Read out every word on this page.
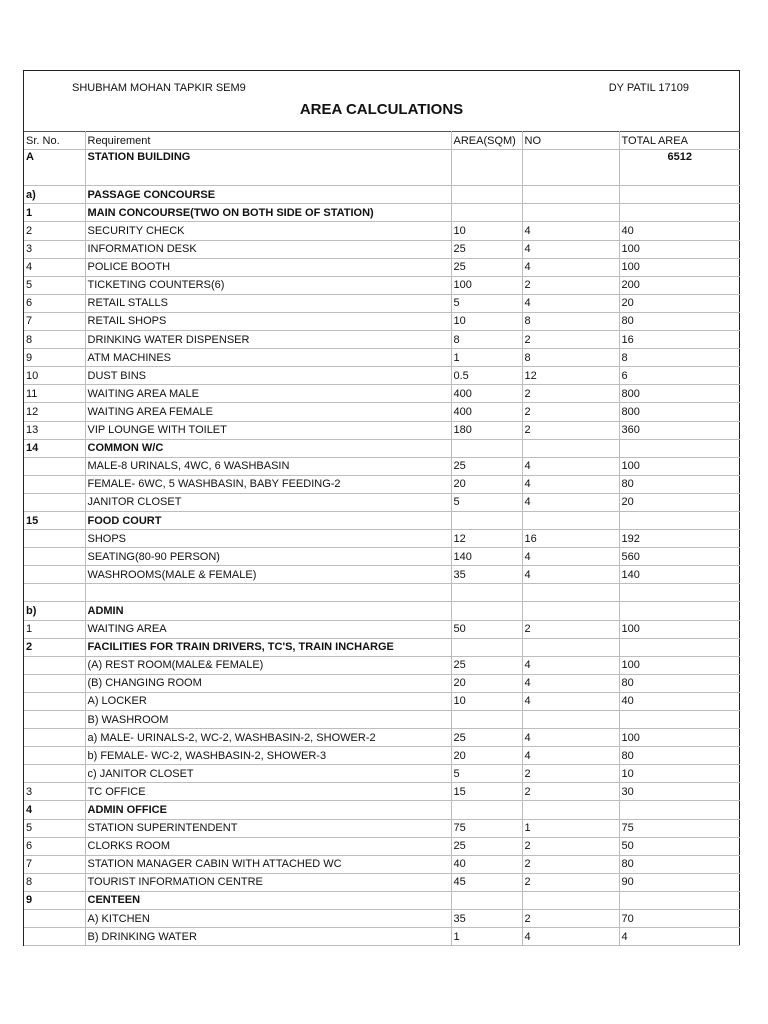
SHUBHAM MOHAN TAPKIR SEM9	DY PATIL 17109
AREA CALCULATIONS
Sr. No.	Requirement	AREA(SQM)	NO	TOTAL AREA
A	STATION BUILDING			6512
a)	PASSAGE CONCOURSE			
1	MAIN CONCOURSE(TWO ON BOTH SIDE OF STATION)			
2	SECURITY CHECK	10	4	40
3	INFORMATION DESK	25	4	100
4	POLICE BOOTH	25	4	100
5	TICKETING COUNTERS(6)	100	2	200
6	RETAIL STALLS	5	4	20
7	RETAIL SHOPS	10	8	80
8	DRINKING WATER DISPENSER	8	2	16
9	ATM MACHINES	1	8	8
10	DUST BINS	0.5	12	6
11	WAITING AREA MALE	400	2	800
12	WAITING AREA FEMALE	400	2	800
13	VIP LOUNGE WITH TOILET	180	2	360
14	COMMON W/C			
	MALE-8 URINALS, 4WC, 6 WASHBASIN	25	4	100
	FEMALE- 6WC, 5 WASHBASIN, BABY FEEDING-2	20	4	80
	JANITOR CLOSET	5	4	20
15	FOOD COURT			
	SHOPS	12	16	192
	SEATING(80-90 PERSON)	140	4	560
	WASHROOMS(MALE & FEMALE)	35	4	140

b)	ADMIN			
1	WAITING AREA	50	2	100
2	FACILITIES FOR TRAIN DRIVERS, TC'S, TRAIN INCHARGE			
	(A) REST ROOM(MALE& FEMALE)	25	4	100
	(B) CHANGING ROOM	20	4	80
	A) LOCKER	10	4	40
	B) WASHROOM			
	a) MALE- URINALS-2, WC-2, WASHBASIN-2, SHOWER-2	25	4	100
	b) FEMALE- WC-2, WASHBASIN-2, SHOWER-3	20	4	80
	c) JANITOR CLOSET	5	2	10
3	TC OFFICE	15	2	30
4	ADMIN OFFICE			
5	STATION SUPERINTENDENT	75	1	75
6	CLORKS ROOM	25	2	50
7	STATION MANAGER CABIN WITH ATTACHED WC	40	2	80
8	TOURIST INFORMATION CENTRE	45	2	90
9	CENTEEN			
	A) KITCHEN	35	2	70
	B) DRINKING WATER	1	4	4
